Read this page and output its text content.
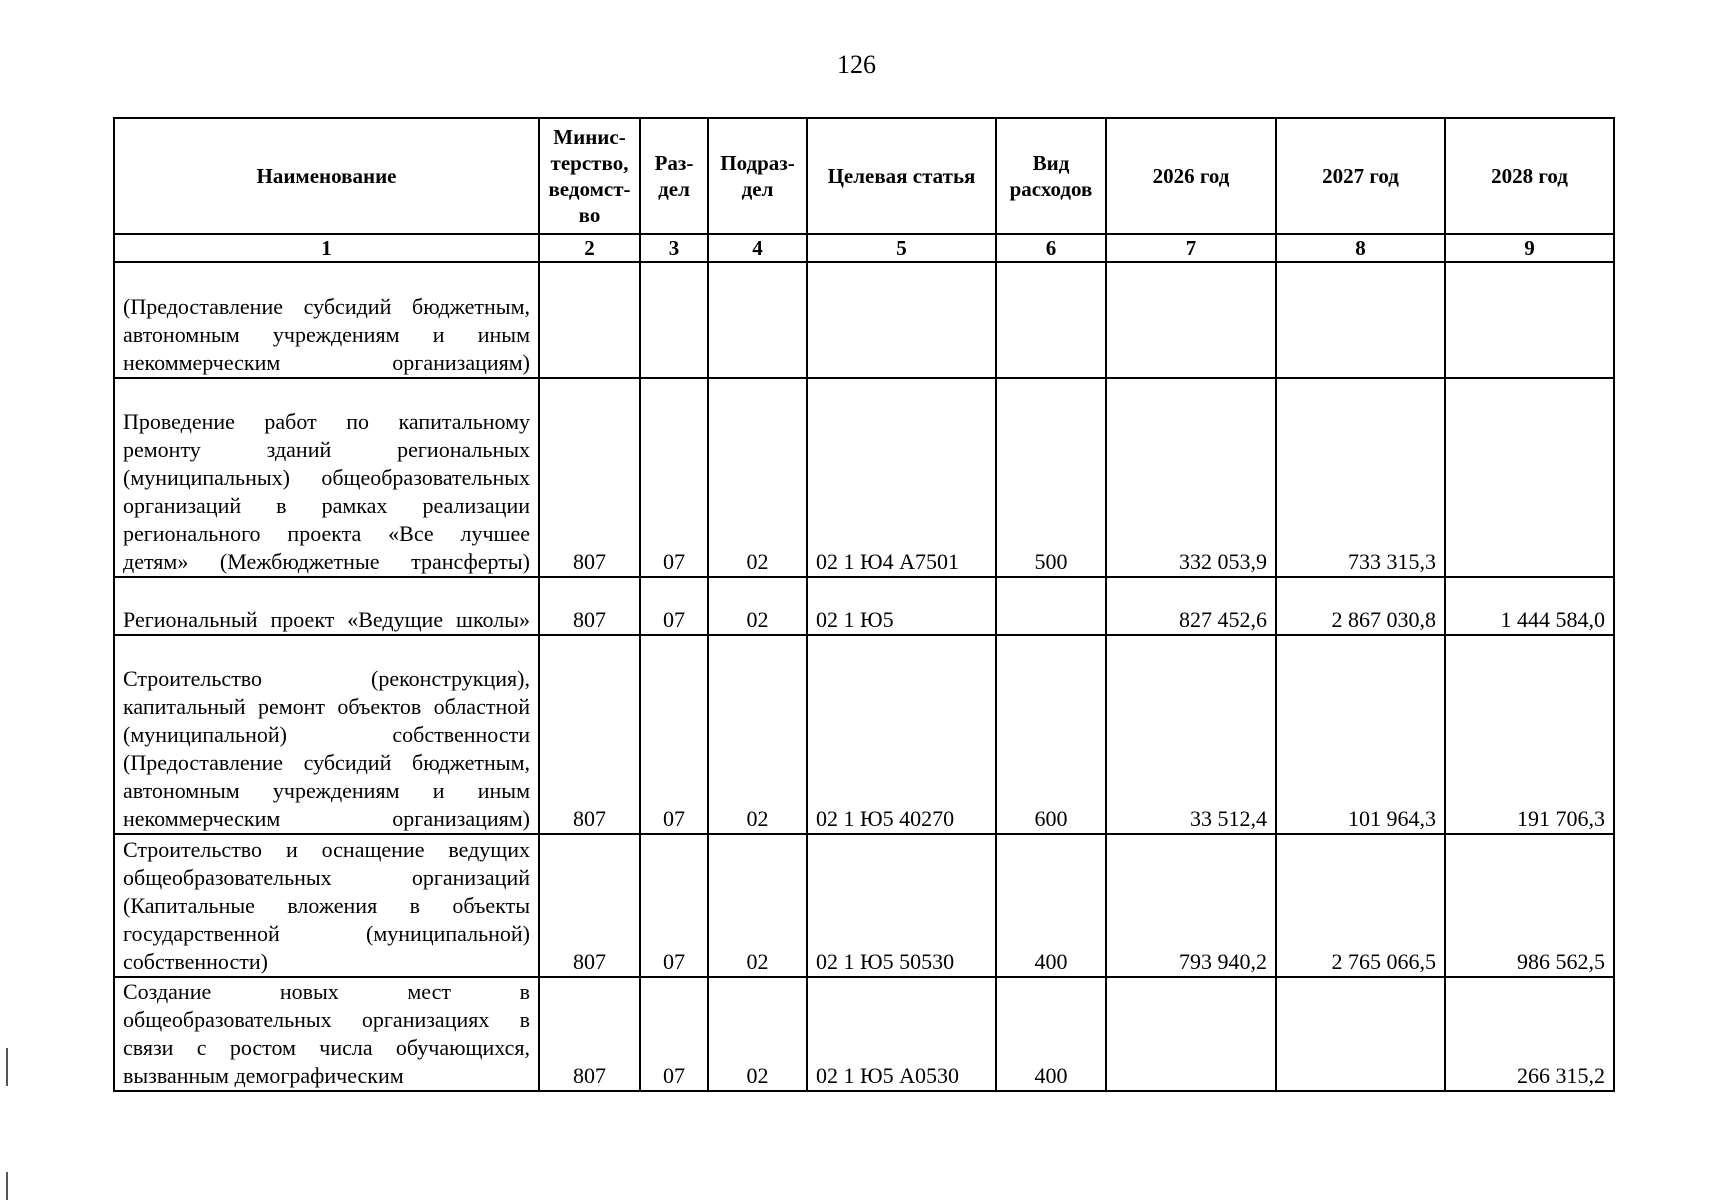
126
Наименование	Минис-терство, ведомст-во	Раз-дел	Подраз-дел	Целевая статья	Вид расходов	2026 год	2027 год	2028 год
1	2	3	4	5	6	7	8	9
(Предоставление субсидий бюджетным, автономным учреждениям и иным некоммерческим организациям)								
Проведение работ по капитальному ремонту зданий региональных (муниципальных) общеобразовательных организаций в рамках реализации регионального проекта «Все лучшее детям» (Межбюджетные трансферты)	807	07	02	02 1 Ю4 А7501	500	332 053,9	733 315,3	
Региональный проект «Ведущие школы»	807	07	02	02 1 Ю5		827 452,6	2 867 030,8	1 444 584,0
Строительство (реконструкция), капитальный ремонт объектов областной (муниципальной) собственности (Предоставление субсидий бюджетным, автономным учреждениям и иным некоммерческим организациям)	807	07	02	02 1 Ю5 40270	600	33 512,4	101 964,3	191 706,3
Строительство и оснащение ведущих общеобразовательных организаций (Капитальные вложения в объекты государственной (муниципальной) собственности)	807	07	02	02 1 Ю5 50530	400	793 940,2	2 765 066,5	986 562,5
Создание новых мест в общеобразовательных организациях в связи с ростом числа обучающихся, вызванным демографическим	807	07	02	02 1 Ю5 А0530	400			266 315,2
